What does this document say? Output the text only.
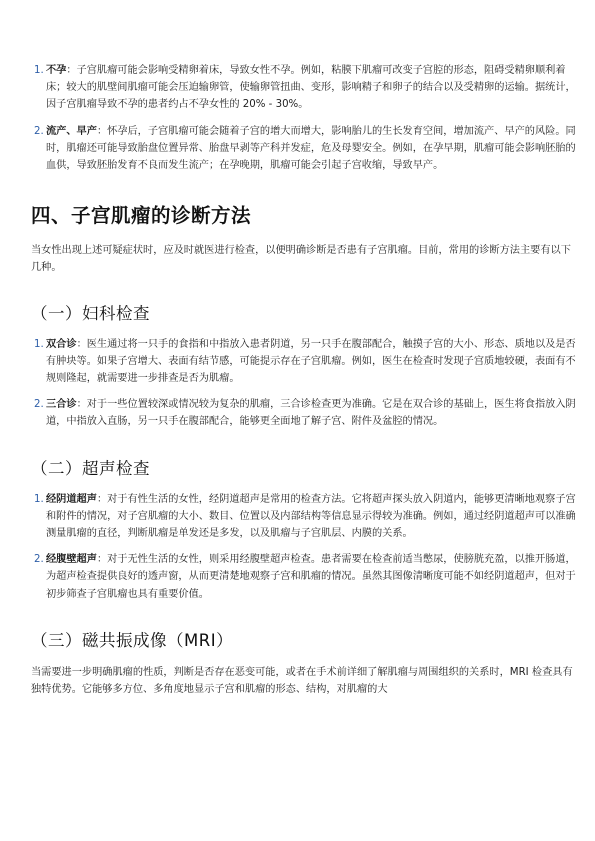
1. 不孕：子宫肌瘤可能会影响受精卵着床，导致女性不孕。例如，粘膜下肌瘤可改变子宫腔的形态，阻碍受精卵顺利着床；较大的肌壁间肌瘤可能会压迫输卵管，使输卵管扭曲、变形，影响精子和卵子的结合以及受精卵的运输。据统计，因子宫肌瘤导致不孕的患者约占不孕女性的 20% - 30%。
2. 流产、早产：怀孕后，子宫肌瘤可能会随着子宫的增大而增大，影响胎儿的生长发育空间，增加流产、早产的风险。同时，肌瘤还可能导致胎盘位置异常、胎盘早剥等产科并发症，危及母婴安全。例如，在孕早期，肌瘤可能会影响胚胎的血供，导致胚胎发育不良而发生流产；在孕晚期，肌瘤可能会引起子宫收缩，导致早产。
四、子宫肌瘤的诊断方法

当女性出现上述可疑症状时，应及时就医进行检查，以便明确诊断是否患有子宫肌瘤。目前，常用的诊断方法主要有以下几种。

（一）妇科检查
1. 双合诊：医生通过将一只手的食指和中指放入患者阴道，另一只手在腹部配合，触摸子宫的大小、形态、质地以及是否有肿块等。如果子宫增大、表面有结节感，可能提示存在子宫肌瘤。例如，医生在检查时发现子宫质地较硬，表面有不规则隆起，就需要进一步排查是否为肌瘤。
2. 三合诊：对于一些位置较深或情况较为复杂的肌瘤，三合诊检查更为准确。它是在双合诊的基础上，医生将食指放入阴道，中指放入直肠，另一只手在腹部配合，能够更全面地了解子宫、附件及盆腔的情况。
（二）超声检查
1. 经阴道超声：对于有性生活的女性，经阴道超声是常用的检查方法。它将超声探头放入阴道内，能够更清晰地观察子宫和附件的情况，对子宫肌瘤的大小、数目、位置以及内部结构等信息显示得较为准确。例如，通过经阴道超声可以准确测量肌瘤的直径，判断肌瘤是单发还是多发，以及肌瘤与子宫肌层、内膜的关系。
2. 经腹壁超声：对于无性生活的女性，则采用经腹壁超声检查。患者需要在检查前适当憋尿，使膀胱充盈，以推开肠道，为超声检查提供良好的透声窗，从而更清楚地观察子宫和肌瘤的情况。虽然其图像清晰度可能不如经阴道超声，但对于初步筛查子宫肌瘤也具有重要价值。
（三）磁共振成像（MRI）

当需要进一步明确肌瘤的性质，判断是否存在恶变可能，或者在手术前详细了解肌瘤与周围组织的关系时，MRI 检查具有独特优势。它能够多方位、多角度地显示子宫和肌瘤的形态、结构，对肌瘤的大
